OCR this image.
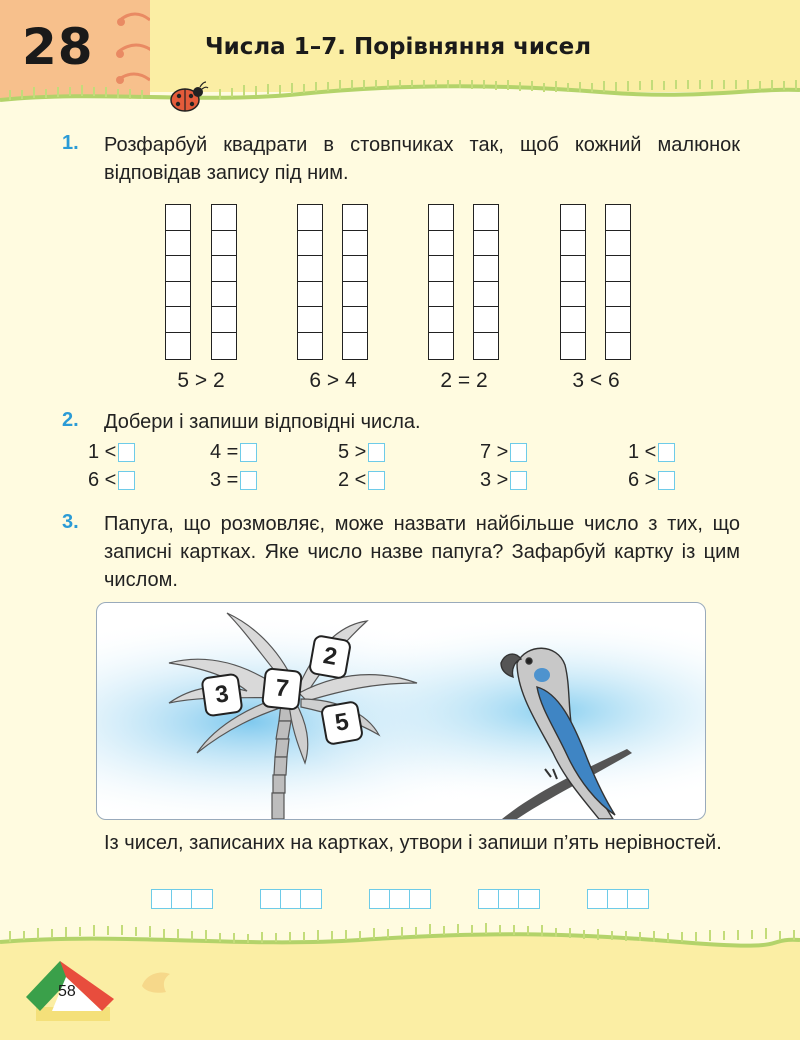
28	Числа 1–7. Порівняння чисел
1. Розфарбуй квадрати в стовпчиках так, щоб кожний малюнок відповідав запису під ним.
5 > 2	6 > 4	2 = 2	3 < 6
2. Добери і запиши відповідні числа.
1 <	4 =	5 >	7 >	1 <
6 <	3 =	2 <	3 >	6 >
3. Папуга, що розмовляє, може назвати найбільше число з тих, що записні картках. Яке число назве папуга? Зафарбуй картку із цим числом.
3	7
2
5
Із чисел, записаних на картках, утвори і запиши п’ять нерівностей.
58
